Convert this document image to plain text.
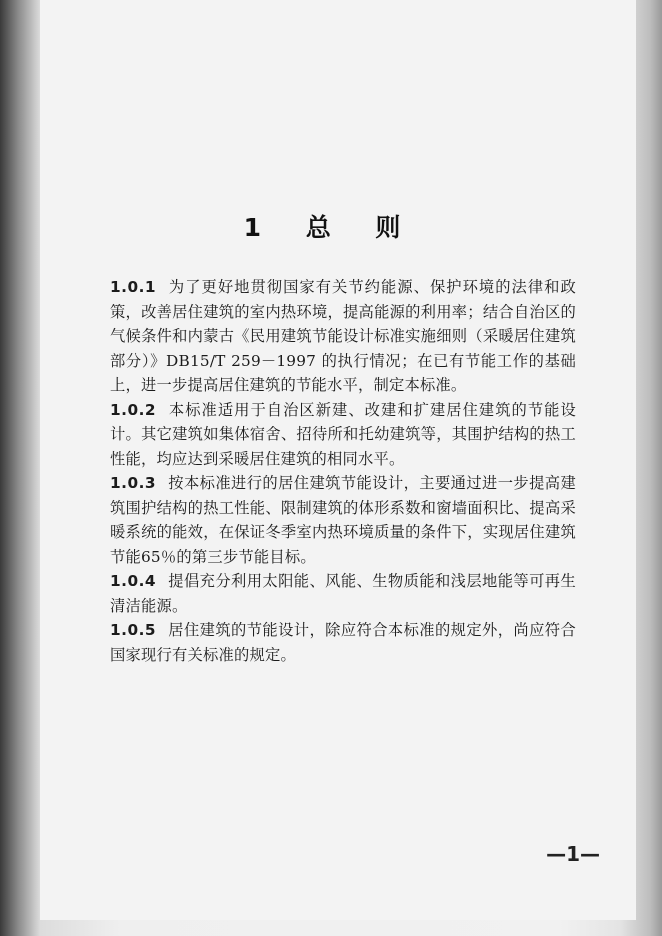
1 总 则

1.0.1 为了更好地贯彻国家有关节约能源、保护环境的法律和政策，改善居住建筑的室内热环境，提高能源的利用率；结合自治区的气候条件和内蒙古《民用建筑节能设计标准实施细则（采暖居住建筑部分）》DB15/T 259－1997 的执行情况；在已有节能工作的基础上，进一步提高居住建筑的节能水平，制定本标准。

1.0.2 本标准适用于自治区新建、改建和扩建居住建筑的节能设计。其它建筑如集体宿舍、招待所和托幼建筑等，其围护结构的热工性能，均应达到采暖居住建筑的相同水平。

1.0.3 按本标准进行的居住建筑节能设计，主要通过进一步提高建筑围护结构的热工性能、限制建筑的体形系数和窗墙面积比、提高采暖系统的能效，在保证冬季室内热环境质量的条件下，实现居住建筑节能65％的第三步节能目标。

1.0.4 提倡充分利用太阳能、风能、生物质能和浅层地能等可再生清洁能源。

1.0.5 居住建筑的节能设计，除应符合本标准的规定外，尚应符合国家现行有关标准的规定。

—1—
